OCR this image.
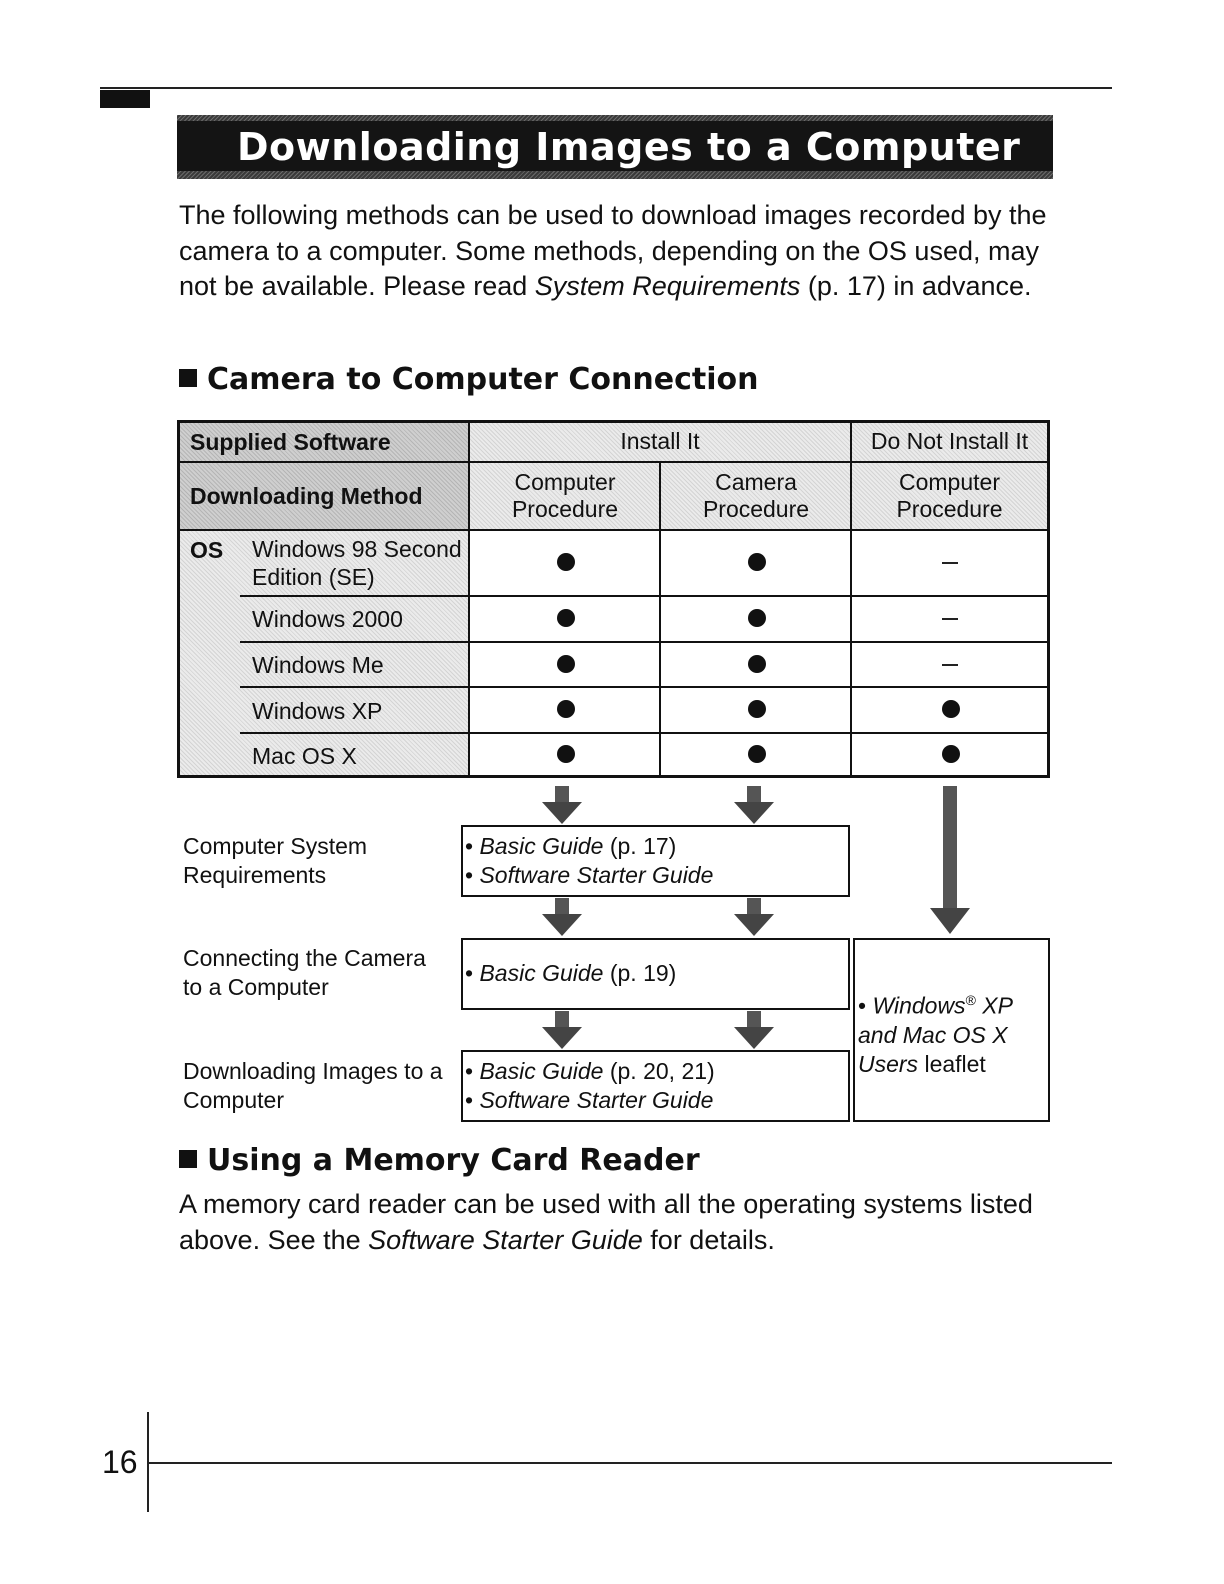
Downloading Images to a Computer
The following methods can be used to download images recorded by the camera to a computer. Some methods, depending on the OS used, may not be available. Please read System Requirements (p. 17) in advance.
Camera to Computer Connection
Supplied Software	Install It	Do Not Install It
Downloading Method
Computer Procedure
Camera Procedure
Computer Procedure
OS Windows 98 Second Edition (SE)
Windows 2000
Windows Me
Windows XP
Mac OS X
Computer System Requirements
Connecting the Camera to a Computer
Downloading Images to a Computer
• Basic Guide (p. 17)
• Software Starter Guide
• Basic Guide (p. 19)
• Basic Guide (p. 20, 21)
• Software Starter Guide
• Windows® XP and Mac OS X Users leaflet
Using a Memory Card Reader
A memory card reader can be used with all the operating systems listed above. See the Software Starter Guide for details.
16
